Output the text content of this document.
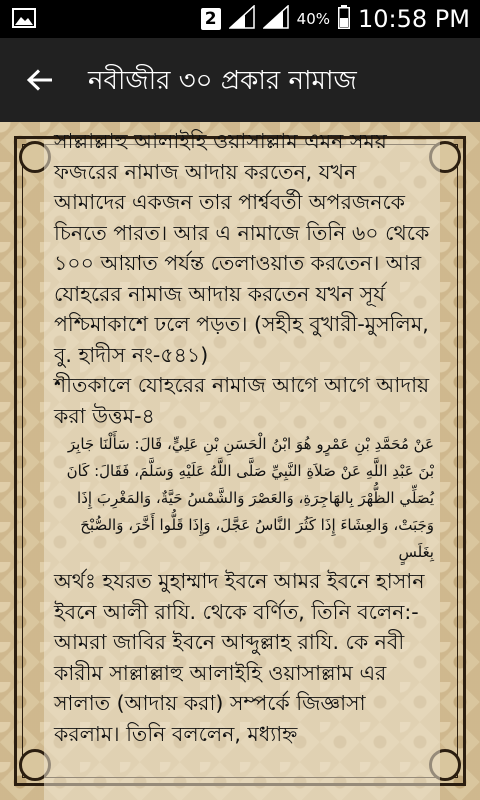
2	40% 10:58 PM
নবীজীর ৩০ প্রকার নামাজ

সাল্লাল্লাহু আলাইহি ওয়াসাল্লাম এমন সময় ফজরের নামাজ আদায় করতেন, যখন আমাদের একজন তার পার্শ্ববর্তী অপরজনকে চিনতে পারত। আর এ নামাজে তিনি ৬০ থেকে ১০০ আয়াত পর্যন্ত তেলাওয়াত করতেন। আর যোহরের নামাজ আদায় করতেন যখন সূর্য পশ্চিমাকাশে ঢলে পড়ত। (সহীহ বুখারী-মুসলিম, বু. হাদীস নং-৫৪১)

শীতকালে যোহরের নামাজ আগে আগে আদায় করা উত্তম-৪

عَنْ مُحَمَّدِ بْنِ عَمْرٍو هُوَ ابْنُ الْحَسَنِ بْنِ عَلِيٍّ، قَالَ: سَأَلْنَا جَابِرَ بْنَ عَبْدِ اللَّهِ عَنْ صَلاَةِ النَّبِيِّ صَلَّى اللَّهُ عَلَيْهِ وَسَلَّمَ، فَقَالَ: كَانَ يُصَلِّي الظُّهْرَ بِالهَاجِرَةِ، وَالعَصْرَ وَالشَّمْسُ حَيَّةٌ، وَالمَغْرِبَ إِذَا وَجَبَتْ، وَالعِشَاءَ إِذَا كَثُرَ النَّاسُ عَجَّلَ، وَإِذَا قَلُّوا أَخَّرَ، وَالصُّبْحَ بِغَلَسٍ

অর্থঃ হযরত মুহাম্মাদ ইবনে আমর ইবনে হাসান ইবনে আলী রাযি. থেকে বর্ণিত, তিনি বলেন:- আমরা জাবির ইবনে আব্দুল্লাহ রাযি. কে নবী কারীম সাল্লাল্লাহু আলাইহি ওয়াসাল্লাম এর সালাত (আদায় করা) সম্পর্কে জিজ্ঞাসা করলাম। তিনি বললেন, মধ্যাহ্ন
